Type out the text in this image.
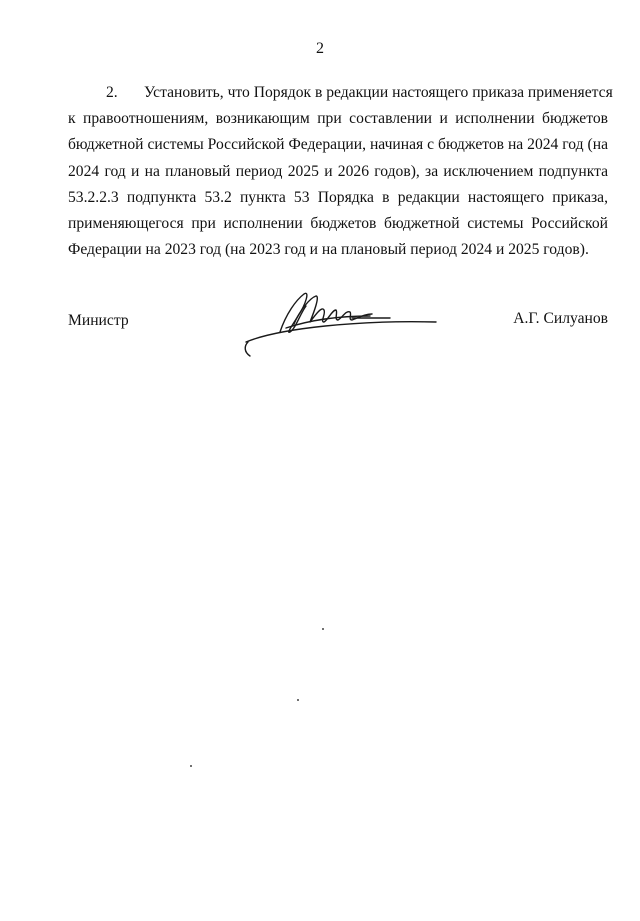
2
2. Установить, что Порядок в редакции настоящего приказа применяется
к правоотношениям, возникающим при составлении и исполнении бюджетов
бюджетной системы Российской Федерации, начиная с бюджетов на 2024 год (на
2024 год и на плановый период 2025 и 2026 годов), за исключением подпункта
53.2.2.3 подпункта 53.2 пункта 53 Порядка в редакции настоящего приказа,
применяющегося при исполнении бюджетов бюджетной системы Российской
Федерации на 2023 год (на 2023 год и на плановый период 2024 и 2025 годов).
Министр	А.Г. Силуанов
